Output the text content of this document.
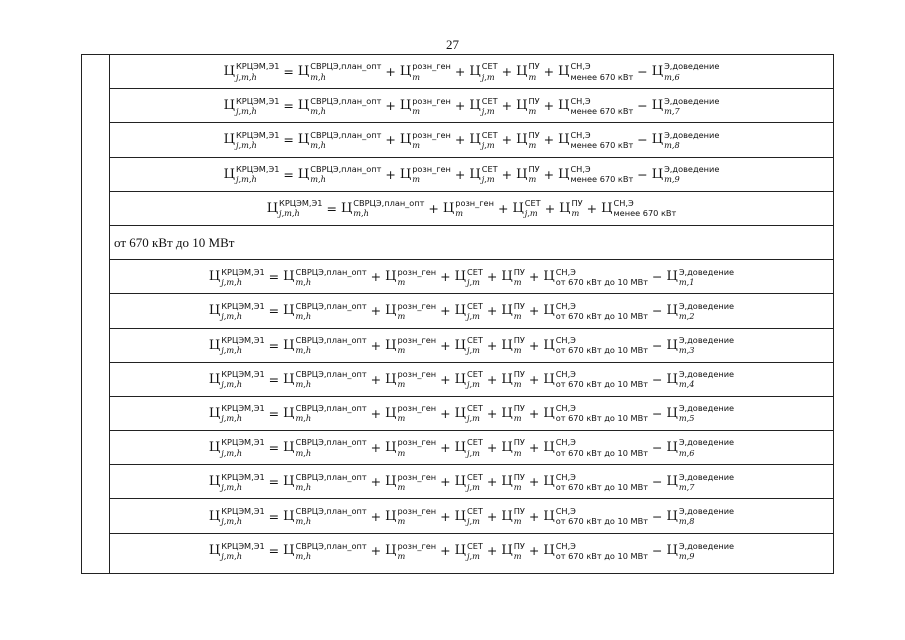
27
Ц КРЦЭМ,Э1
j,m,h	= Ц СВРЦЭ,план_опт
m,h	+ Ц розн_ген
m	+ Ц СЕТ
j,m + Ц ПУ
m + Ц СН,Э
менее 670 кВт − Ц Э,доведение
m,6
Ц КРЦЭМ,Э1
j,m,h	= Ц СВРЦЭ,план_опт
m,h	+ Ц розн_ген
m	+ Ц СЕТ
j,m + Ц ПУ
m + Ц СН,Э
менее 670 кВт − Ц Э,доведение
m,7
Ц КРЦЭМ,Э1
j,m,h	= Ц СВРЦЭ,план_опт
m,h	+ Ц розн_ген
m	+ Ц СЕТ
j,m + Ц ПУ
m + Ц СН,Э
менее 670 кВт − Ц Э,доведение
m,8
Ц КРЦЭМ,Э1
j,m,h	= Ц СВРЦЭ,план_опт
m,h	+ Ц розн_ген
m	+ Ц СЕТ
j,m + Ц ПУ
m + Ц СН,Э
менее 670 кВт − Ц Э,доведение
m,9
Ц КРЦЭМ,Э1
j,m,h	= Ц СВРЦЭ,план_опт
m,h	+ Ц розн_ген
m	+ Ц СЕТ
j,m + Ц ПУ
m + Ц СН,Э
менее 670 кВт
от 670 кВт до 10 МВт
Ц КРЦЭМ,Э1
j,m,h	= Ц СВРЦЭ,план_опт
m,h	+ Ц розн_ген
m	+ Ц СЕТ
j,m + Ц ПУ
m + Ц СН,Э
от 670 кВт до 10 МВт − Ц Э,доведение
m,1
Ц КРЦЭМ,Э1
j,m,h	= Ц СВРЦЭ,план_опт
m,h	+ Ц розн_ген
m	+ Ц СЕТ
j,m + Ц ПУ
m + Ц СН,Э
от 670 кВт до 10 МВт − Ц Э,доведение
m,2
Ц КРЦЭМ,Э1
j,m,h	= Ц СВРЦЭ,план_опт
m,h	+ Ц розн_ген
m	+ Ц СЕТ
j,m + Ц ПУ
m + Ц СН,Э
от 670 кВт до 10 МВт − Ц Э,доведение
m,3
Ц КРЦЭМ,Э1
j,m,h	= Ц СВРЦЭ,план_опт
m,h	+ Ц розн_ген
m	+ Ц СЕТ
j,m + Ц ПУ
m + Ц СН,Э
от 670 кВт до 10 МВт − Ц Э,доведение
m,4
Ц КРЦЭМ,Э1
j,m,h	= Ц СВРЦЭ,план_опт
m,h	+ Ц розн_ген
m	+ Ц СЕТ
j,m + Ц ПУ
m + Ц СН,Э
от 670 кВт до 10 МВт − Ц Э,доведение
m,5
Ц КРЦЭМ,Э1
j,m,h	= Ц СВРЦЭ,план_опт
m,h	+ Ц розн_ген
m	+ Ц СЕТ
j,m + Ц ПУ
m + Ц СН,Э
от 670 кВт до 10 МВт − Ц Э,доведение
m,6
Ц КРЦЭМ,Э1
j,m,h	= Ц СВРЦЭ,план_опт
m,h	+ Ц розн_ген
m	+ Ц СЕТ
j,m + Ц ПУ
m + Ц СН,Э
от 670 кВт до 10 МВт − Ц Э,доведение
m,7
Ц КРЦЭМ,Э1
j,m,h	= Ц СВРЦЭ,план_опт
m,h	+ Ц розн_ген
m	+ Ц СЕТ
j,m + Ц ПУ
m + Ц СН,Э
от 670 кВт до 10 МВт − Ц Э,доведение
m,8
Ц КРЦЭМ,Э1
j,m,h	= Ц СВРЦЭ,план_опт
m,h	+ Ц розн_ген
m	+ Ц СЕТ
j,m + Ц ПУ
m + Ц СН,Э
от 670 кВт до 10 МВт − Ц Э,доведение
m,9
